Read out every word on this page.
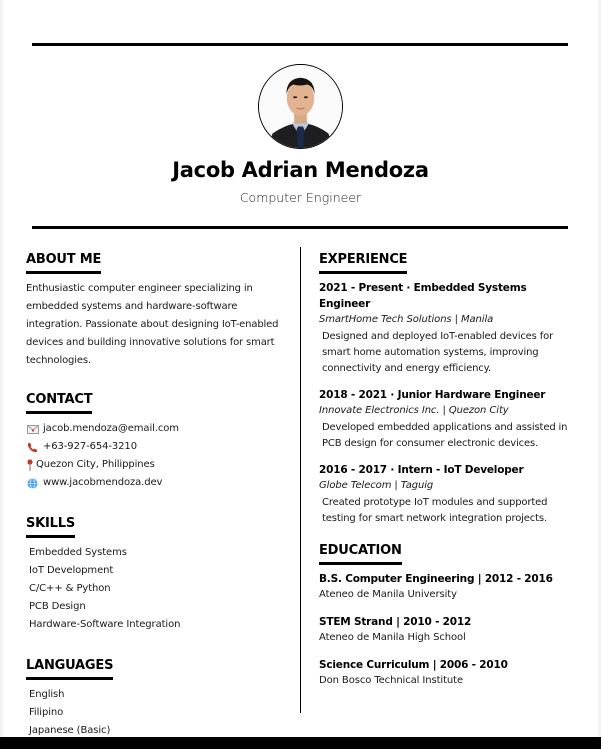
Jacob Adrian Mendoza
Computer Engineer
ABOUT ME
Enthusiastic computer engineer specializing in embedded systems and hardware-software integration. Passionate about designing IoT-enabled devices and building innovative solutions for smart technologies.
CONTACT
jacob.mendoza@email.com
+63-927-654-3210
Quezon City, Philippines
www.jacobmendoza.dev
SKILLS
Embedded Systems
IoT Development
C/C++ & Python
PCB Design
Hardware-Software Integration
LANGUAGES
English
Filipino
Japanese (Basic)
EXPERIENCE
2021 - Present · Embedded Systems Engineer
SmartHome Tech Solutions | Manila
Designed and deployed IoT-enabled devices for smart home automation systems, improving connectivity and energy efficiency.
2018 - 2021 · Junior Hardware Engineer
Innovate Electronics Inc. | Quezon City
Developed embedded applications and assisted in PCB design for consumer electronic devices.
2016 - 2017 · Intern - IoT Developer
Globe Telecom | Taguig
Created prototype IoT modules and supported testing for smart network integration projects.
EDUCATION
B.S. Computer Engineering | 2012 - 2016
Ateneo de Manila University
STEM Strand | 2010 - 2012
Ateneo de Manila High School
Science Curriculum | 2006 - 2010
Don Bosco Technical Institute
